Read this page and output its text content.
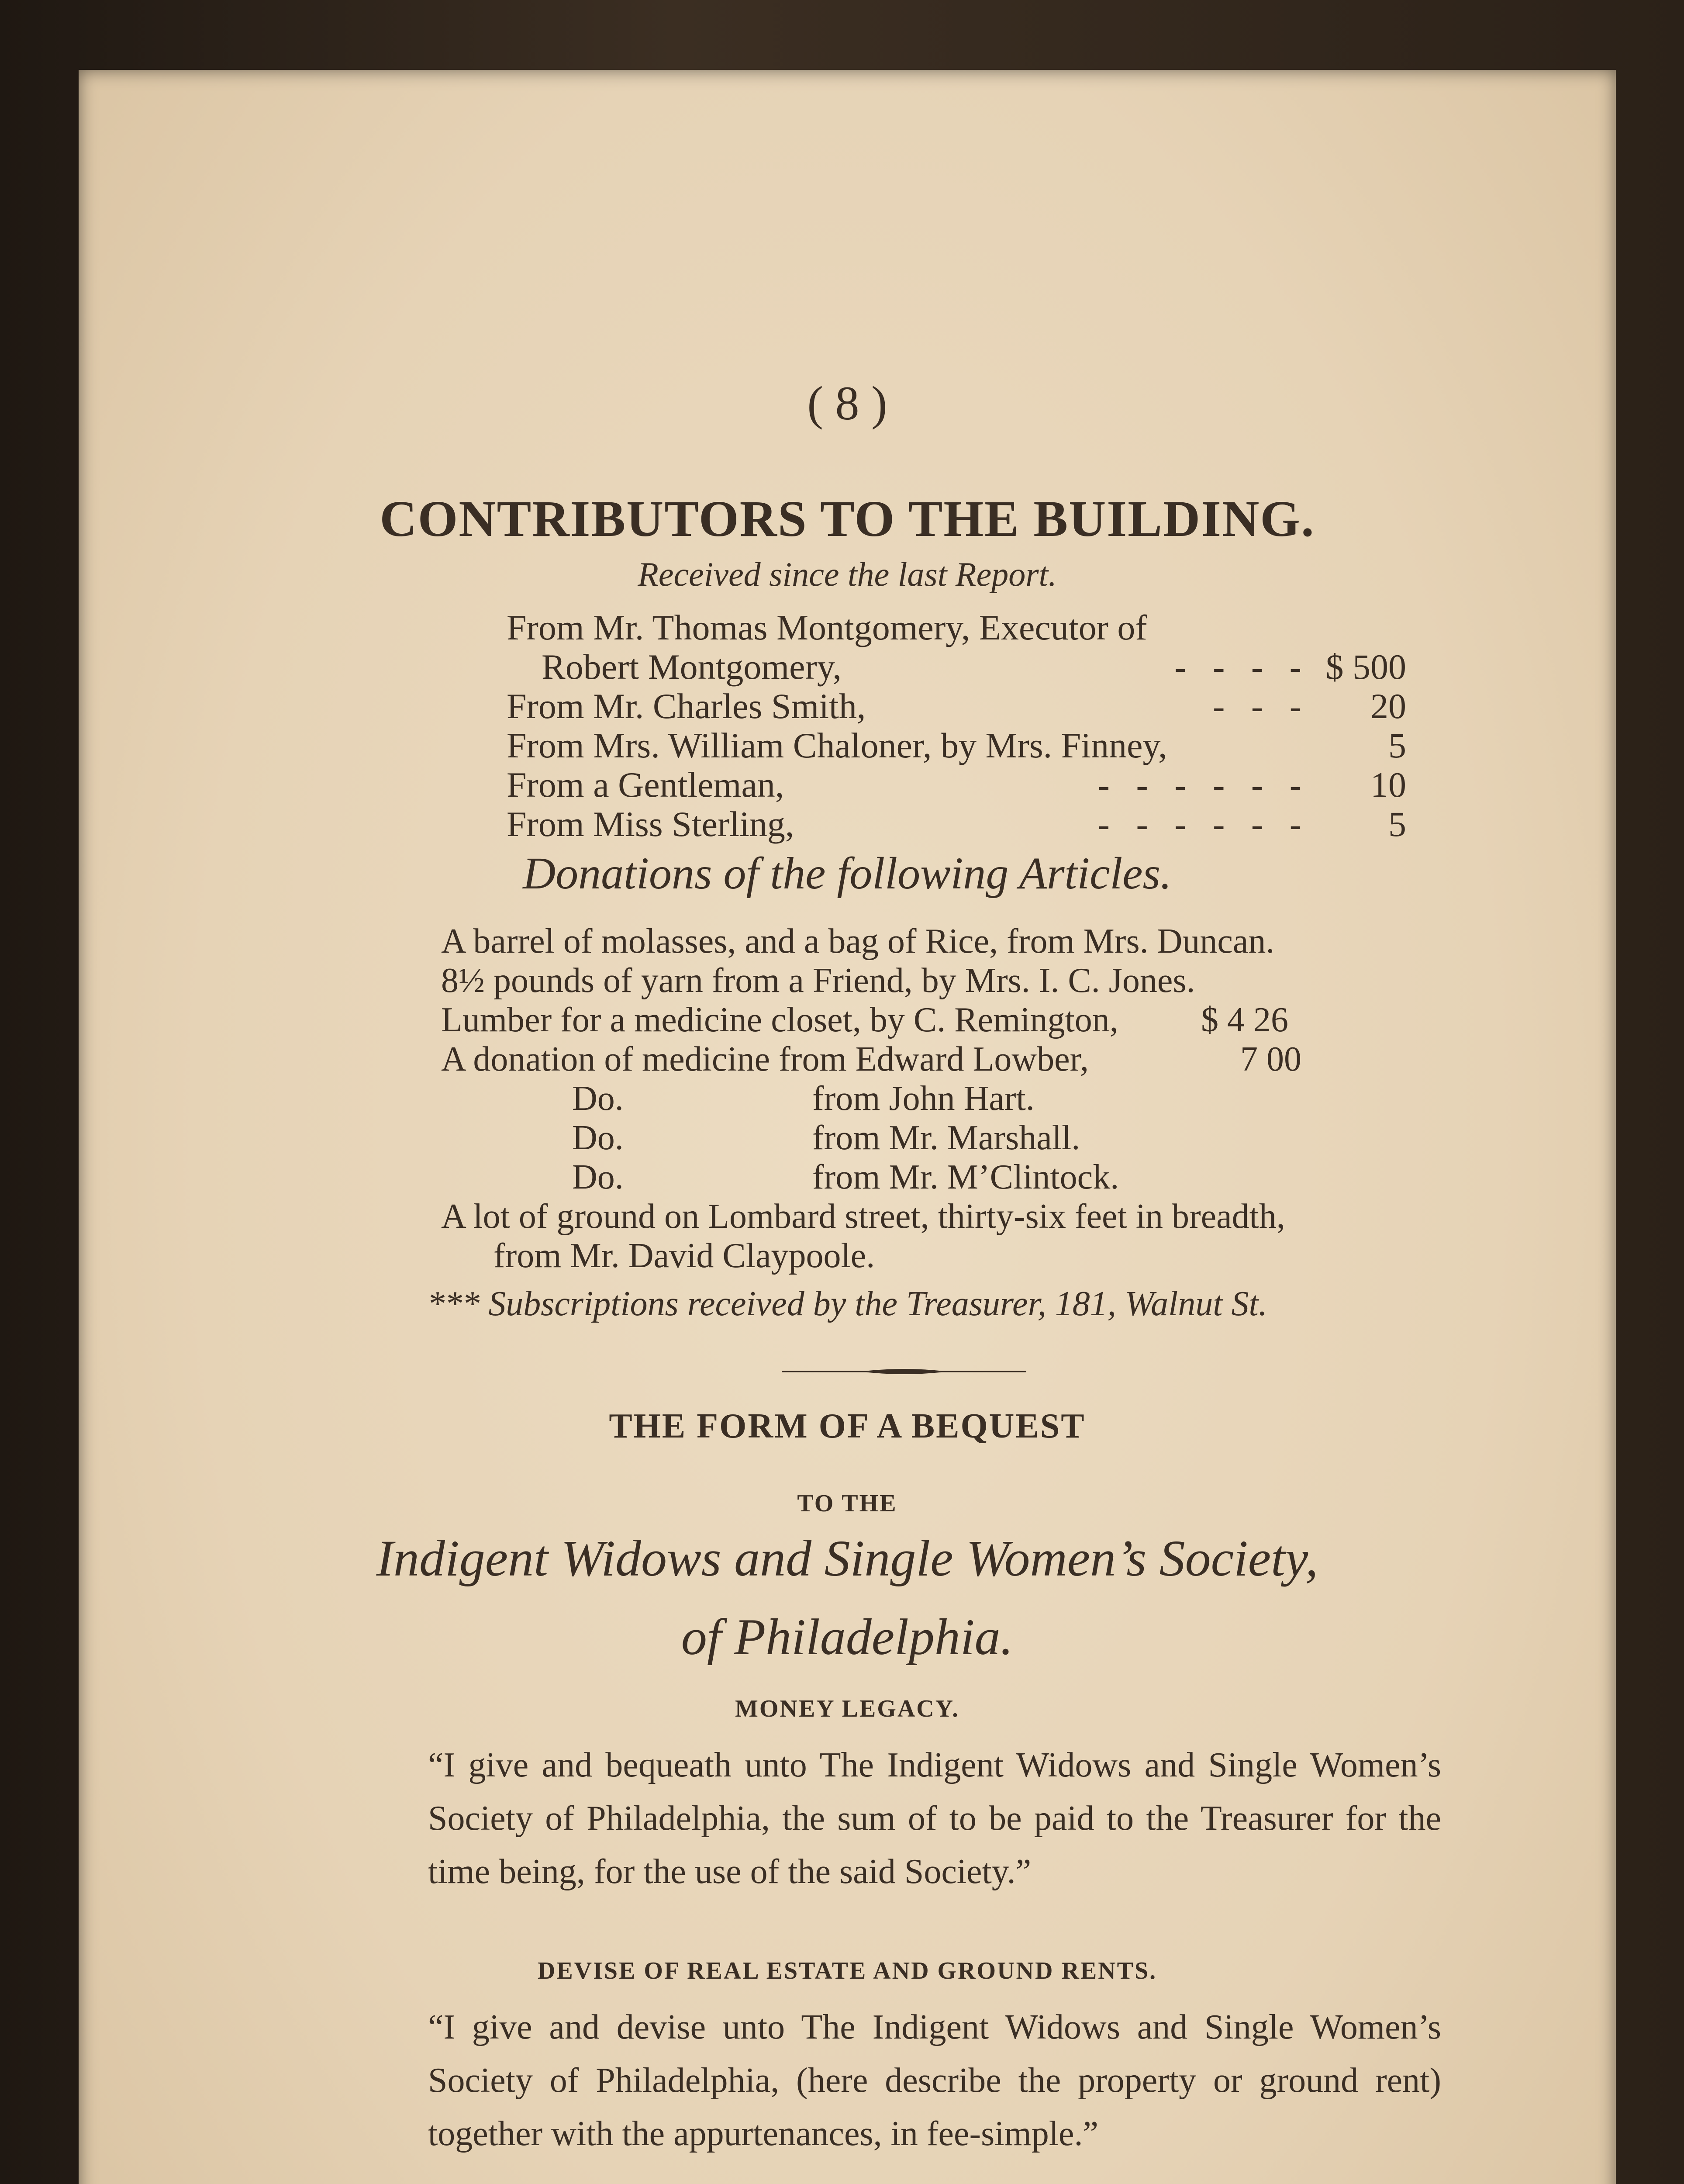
( 8 )
CONTRIBUTORS TO THE BUILDING.
Received since the last Report.
From Mr. Thomas Montgomery, Executor of
Robert Montgomery,	- - - - $ 500
From Mr. Charles Smith,	- - - 20
From Mrs. William Chaloner, by Mrs. Finney,	5
From a Gentleman,	- - - - - - 10
From Miss Sterling,	- - - - - - 5
Donations of the following Articles.
A barrel of molasses, and a bag of Rice, from Mrs. Duncan.
8½ pounds of yarn from a Friend, by Mrs. I. C. Jones.
Lumber for a medicine closet, by C. Remington, $ 4 26
A donation of medicine from Edward Lowber,	7 00
Do.	from John Hart.
Do.	from Mr. Marshall.
Do.	from Mr. M’Clintock.
A lot of ground on Lombard street, thirty-six feet in breadth,
from Mr. David Claypoole.
*** Subscriptions received by the Treasurer, 181, Walnut St.
THE FORM OF A BEQUEST
TO THE
Indigent Widows and Single Women’s Society,
of Philadelphia.
MONEY LEGACY.
“I give and bequeath unto The Indigent Widows and Single Women’s Society of Philadelphia, the sum of to be paid to the Treasurer for the time being, for the use of the said Society.”
DEVISE OF REAL ESTATE AND GROUND RENTS.
“I give and devise unto The Indigent Widows and Single Women’s Society of Philadelphia, (here describe the property or ground rent) together with the appurtenances, in fee-simple.”
